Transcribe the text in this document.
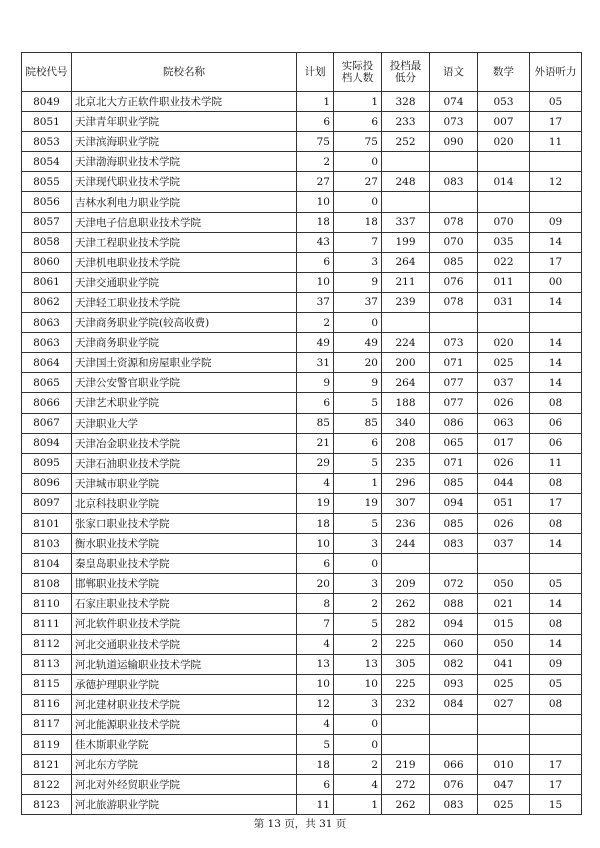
院校代号	院校名称	计划	实际投档人数	投档最低分	语文	数学	外语听力
8049	北京北大方正软件职业技术学院	1	1	328	074	053	05
8051	天津青年职业学院	6	6	233	073	007	17
8053	天津滨海职业学院	75	75	252	090	020	11
8054	天津渤海职业技术学院	2	0				
8055	天津现代职业技术学院	27	27	248	083	014	12
8056	吉林水利电力职业学院	10	0				
8057	天津电子信息职业技术学院	18	18	337	078	070	09
8058	天津工程职业技术学院	43	7	199	070	035	14
8060	天津机电职业技术学院	6	3	264	085	022	17
8061	天津交通职业学院	10	9	211	076	011	00
8062	天津轻工职业技术学院	37	37	239	078	031	14
8063	天津商务职业学院(较高收费)	2	0				
8063	天津商务职业学院	49	49	224	073	020	14
8064	天津国土资源和房屋职业学院	31	20	200	071	025	14
8065	天津公安警官职业学院	9	9	264	077	037	14
8066	天津艺术职业学院	6	5	188	077	026	08
8067	天津职业大学	85	85	340	086	063	06
8094	天津冶金职业技术学院	21	6	208	065	017	06
8095	天津石油职业技术学院	29	5	235	071	026	11
8096	天津城市职业学院	4	1	296	085	044	08
8097	北京科技职业学院	19	19	307	094	051	17
8101	张家口职业技术学院	18	5	236	085	026	08
8103	衡水职业技术学院	10	3	244	083	037	14
8104	秦皇岛职业技术学院	6	0				
8108	邯郸职业技术学院	20	3	209	072	050	05
8110	石家庄职业技术学院	8	2	262	088	021	14
8111	河北软件职业技术学院	7	5	282	094	015	08
8112	河北交通职业技术学院	4	2	225	060	050	14
8113	河北轨道运输职业技术学院	13	13	305	082	041	09
8115	承德护理职业学院	10	10	225	093	025	05
8116	河北建材职业技术学院	12	3	232	084	027	08
8117	河北能源职业技术学院	4	0				
8119	佳木斯职业学院	5	0				
8121	河北东方学院	18	2	219	066	010	17
8122	河北对外经贸职业学院	6	4	272	076	047	17
8123	河北旅游职业学院	11	1	262	083	025	15
第 13 页，共 31 页
